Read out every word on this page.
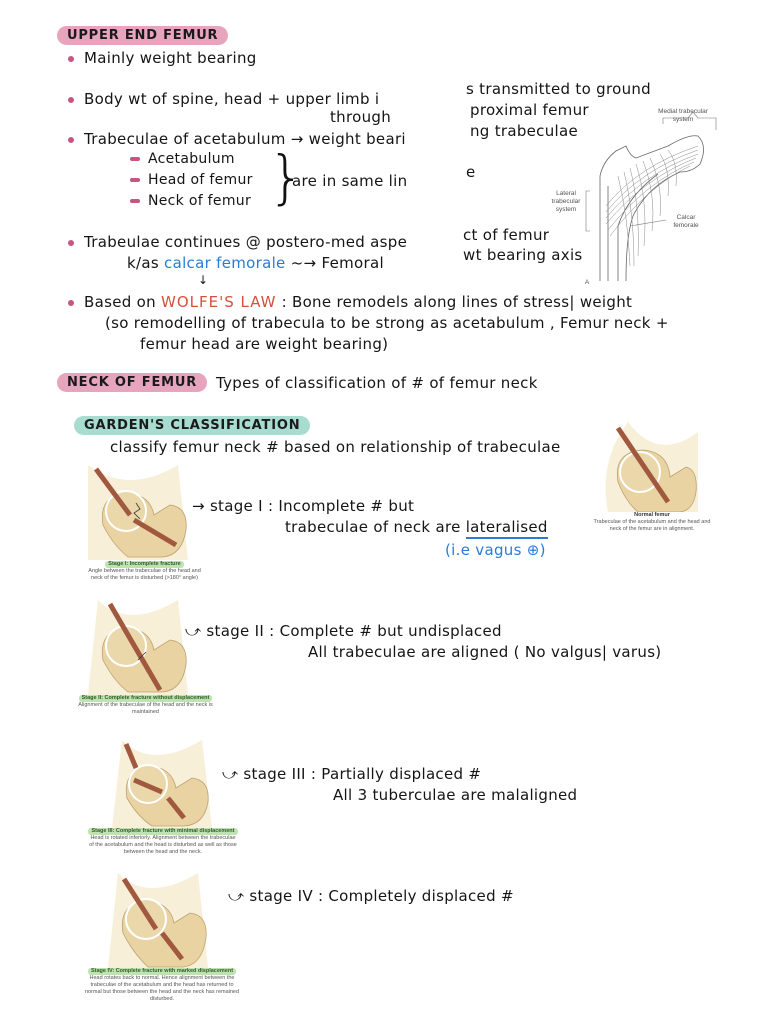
UPPER END FEMUR
Mainly weight bearing
Body wt of spine, head + upper limb i
through
Trabeculae of acetabulum → weight beari
Acetabulum
Head of femur
Neck of femur }
are in same lin
Trabeulae continues @ postero-med aspe
k/as calcar femorale ~→ Femoral
↓
s transmitted to ground
proximal femur
ng trabeculae
e
ct of femur
wt bearing axis
Medial trabecular system
Lateral trabecular system
Calcar femorale
A
Based on WOLFE'S LAW : Bone remodels along lines of stress| weight
(so remodelling of trabecula to be strong as acetabulum , Femur neck +
femur head are weight bearing)
NECK OF FEMUR	Types of classification of # of femur neck
GARDEN'S CLASSIFICATION
classify femur neck # based on relationship of trabeculae
Normal femur
Trabeculae of the acetabulum and the head and neck of the femur are in alignment.
Stage I: Incomplete fracture
Angle between the trabeculae of the head and neck of the femur is disturbed (>180° angle)
→ stage I : Incomplete # but
trabeculae of neck are lateralised
(i.e vagus ⊕)
Stage II: Complete fracture without displacement
Alignment of the trabeculae of the head and the neck is maintained
⤻ stage II : Complete # but undisplaced
All trabeculae are aligned ( No valgus| varus)
Stage III: Complete fracture with minimal displacement
Head is rotated inferiorly. Alignment between the trabeculae of the acetabulum and the head is disturbed as well as those between the head and the neck.
⤻ stage III : Partially displaced #
All 3 tuberculae are malaligned
Stage IV: Complete fracture with marked displacement
Head rotates back to normal. Hence alignment between the trabeculae of the acetabulum and the head has returned to normal but those between the head and the neck has remained disturbed.
⤻ stage IV : Completely displaced #
